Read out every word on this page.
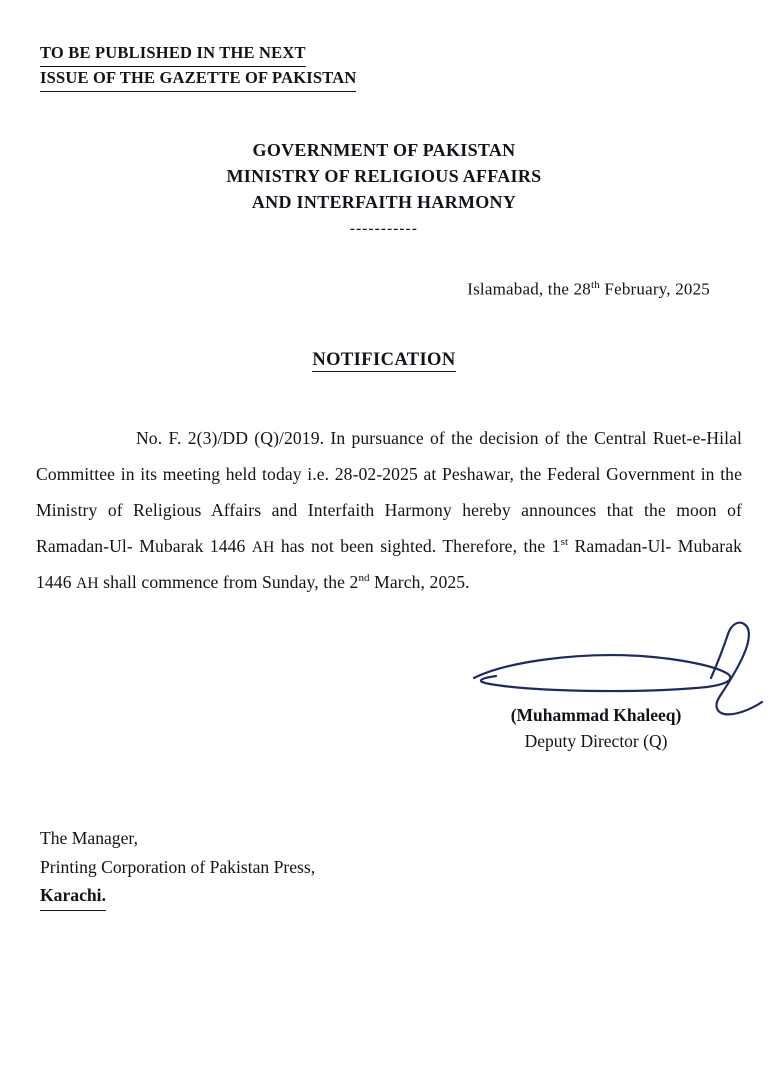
TO BE PUBLISHED IN THE NEXT
ISSUE OF THE GAZETTE OF PAKISTAN
GOVERNMENT OF PAKISTAN
MINISTRY OF RELIGIOUS AFFAIRS
AND INTERFAITH HARMONY
-----------
Islamabad, the 28th February, 2025
NOTIFICATION
No. F. 2(3)/DD (Q)/2019. In pursuance of the decision of the Central Ruet-e-Hilal Committee in its meeting held today i.e. 28-02-2025 at Peshawar, the Federal Government in the Ministry of Religious Affairs and Interfaith Harmony hereby announces that the moon of Ramadan-Ul- Mubarak 1446 AH has not been sighted. Therefore, the 1st Ramadan-Ul- Mubarak 1446 AH shall commence from Sunday, the 2nd March, 2025.
(Muhammad Khaleeq)
Deputy Director (Q)
The Manager,
Printing Corporation of Pakistan Press,
Karachi.
